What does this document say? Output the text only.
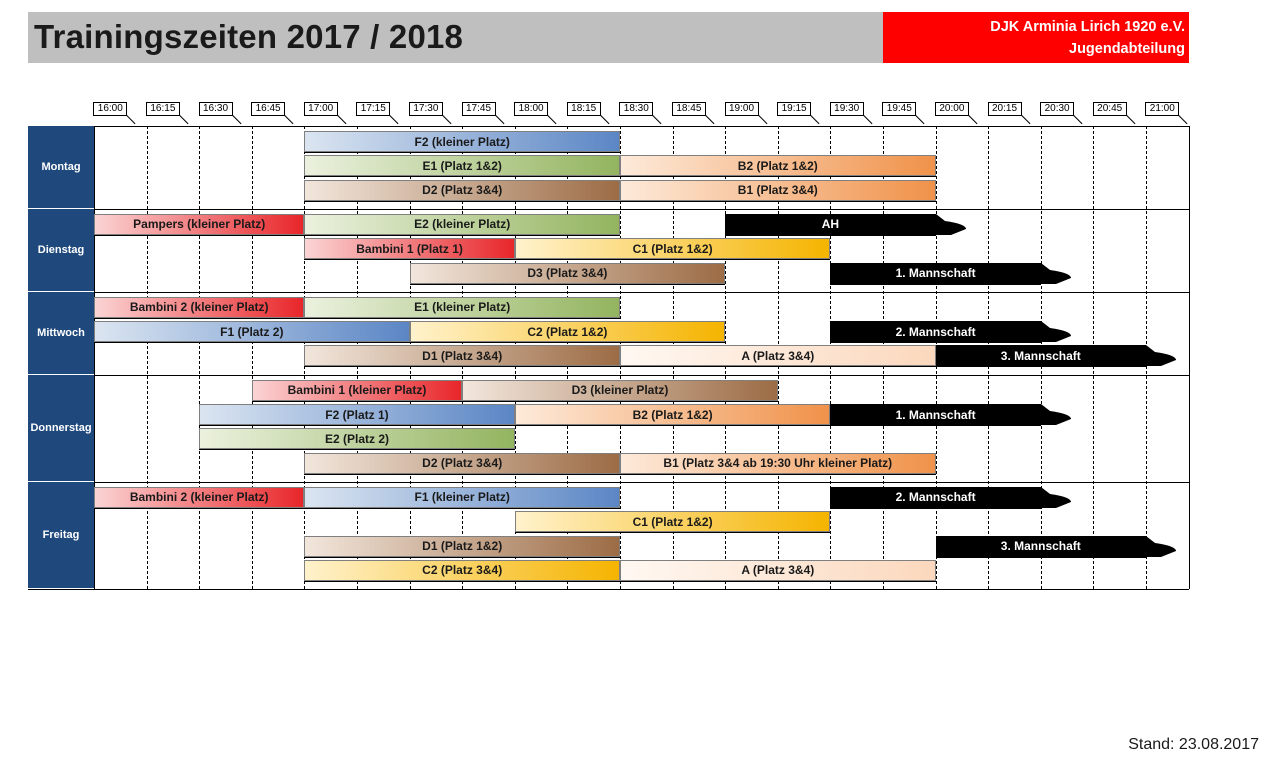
Trainingszeiten 2017 / 2018	DJK Arminia Lirich 1920 e.V.
Jugendabteilung
16:00	16:15	16:30	16:45	17:00	17:15	17:30	17:45	18:00	18:15	18:30	18:45	19:00	19:15	19:30	19:45	20:00	20:15	20:30	20:45	21:00
Montag
F2 (kleiner Platz)
E1 (Platz 1&2)	B2 (Platz 1&2)
D2 (Platz 3&4)	B1 (Platz 3&4)
Dienstag
Pampers (kleiner Platz)	E2 (kleiner Platz)	AH
Bambini 1 (Platz 1)	C1 (Platz 1&2)
D3 (Platz 3&4)	1. Mannschaft
Mittwoch
Bambini 2 (kleiner Platz)	E1 (kleiner Platz)
F1 (Platz 2)	C2 (Platz 1&2)	2. Mannschaft
D1 (Platz 3&4)	A (Platz 3&4)	3. Mannschaft
Donnerstag
Bambini 1 (kleiner Platz)	D3 (kleiner Platz)
F2 (Platz 1)	B2 (Platz 1&2)	1. Mannschaft
E2 (Platz 2)
D2 (Platz 3&4)	B1 (Platz 3&4 ab 19:30 Uhr kleiner Platz)
Freitag
Bambini 2 (kleiner Platz)	F1 (kleiner Platz)	2. Mannschaft
C1 (Platz 1&2)
D1 (Platz 1&2)	3. Mannschaft
C2 (Platz 3&4)	A (Platz 3&4)
Stand: 23.08.2017
